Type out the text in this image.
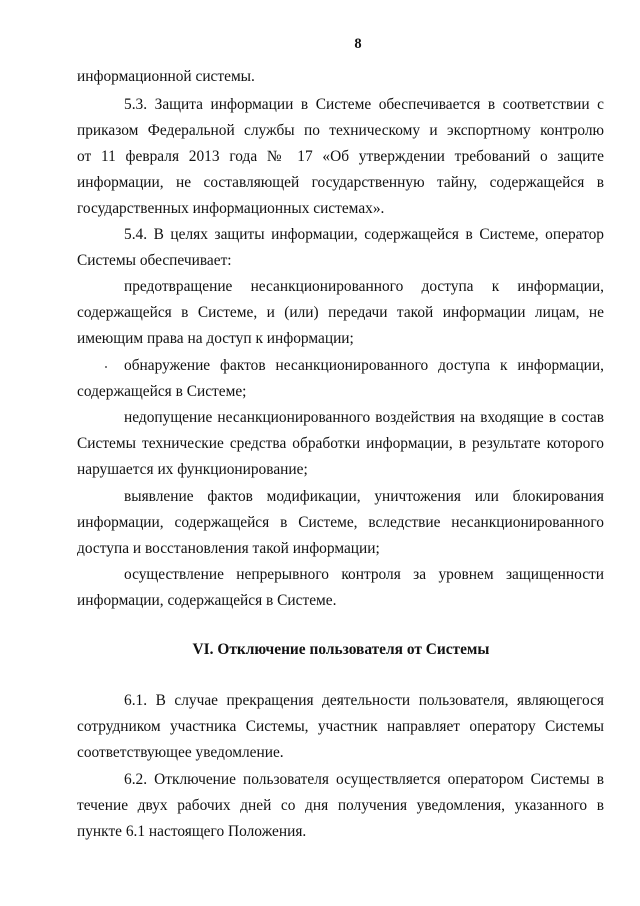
8
информационной системы.
5.3. Защита информации в Системе обеспечивается в соответствии с
приказом Федеральной службы по техническому и экспортному контролю
от 11 февраля 2013 года № 17 «Об утверждении требований о защите
информации, не составляющей государственную тайну, содержащейся в
государственных информационных системах».
5.4. В целях защиты информации, содержащейся в Системе, оператор
Системы обеспечивает:
предотвращение несанкционированного доступа к информации,
содержащейся в Системе, и (или) передачи такой информации лицам, не
имеющим права на доступ к информации;
обнаружение фактов несанкционированного доступа к информации,
содержащейся в Системе;
недопущение несанкционированного воздействия на входящие в состав
Системы технические средства обработки информации, в результате которого
нарушается их функционирование;
выявление фактов модификации, уничтожения или блокирования
информации, содержащейся в Системе, вследствие несанкционированного
доступа и восстановления такой информации;
осуществление непрерывного контроля за уровнем защищенности
информации, содержащейся в Системе.
VI. Отключение пользователя от Системы
6.1. В случае прекращения деятельности пользователя, являющегося
сотрудником участника Системы, участник направляет оператору Системы
соответствующее уведомление.
6.2. Отключение пользователя осуществляется оператором Системы в
течение двух рабочих дней со дня получения уведомления, указанного в
пункте 6.1 настоящего Положения.
